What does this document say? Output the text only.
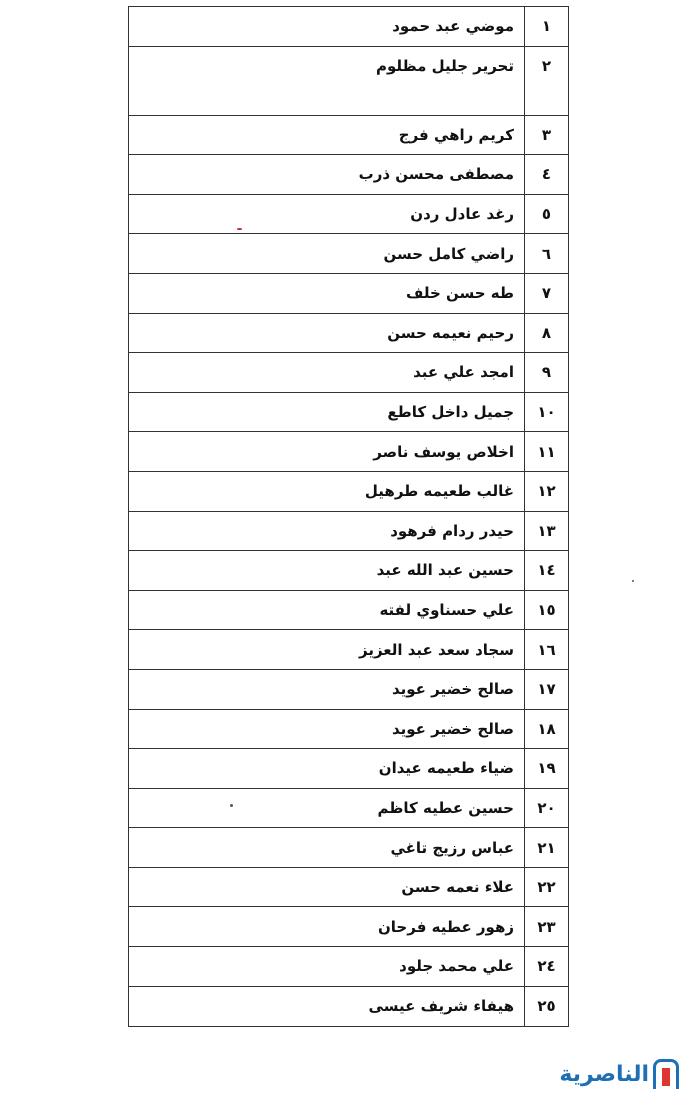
١
موضي عبد حمود
٢
تحرير جليل مظلوم
٣
كريم راهي فرج
٤
مصطفى محسن ذرب
٥
رغد عادل ردن
٦
راضي كامل حسن
٧
طه حسن خلف
٨
رحيم نعيمه حسن
٩
امجد علي عبد
١٠
جميل داخل كاطع
١١
اخلاص يوسف ناصر
١٢
غالب طعيمه طرهيل
١٣
حيدر ردام فرهود
١٤
حسين عبد الله عبد
١٥
علي حسناوي لفته
١٦
سجاد سعد عبد العزيز
١٧
صالح خضير عويد
١٨
صالح خضير عويد
١٩
ضياء طعيمه عيدان
٢٠
حسين عطيه كاظم
٢١
عباس رزيج تاغي
٢٢
علاء نعمه حسن
٢٣
زهور عطيه فرحان
٢٤
علي محمد جلود
٢٥
هيفاء شريف عيسى
الناصرية
